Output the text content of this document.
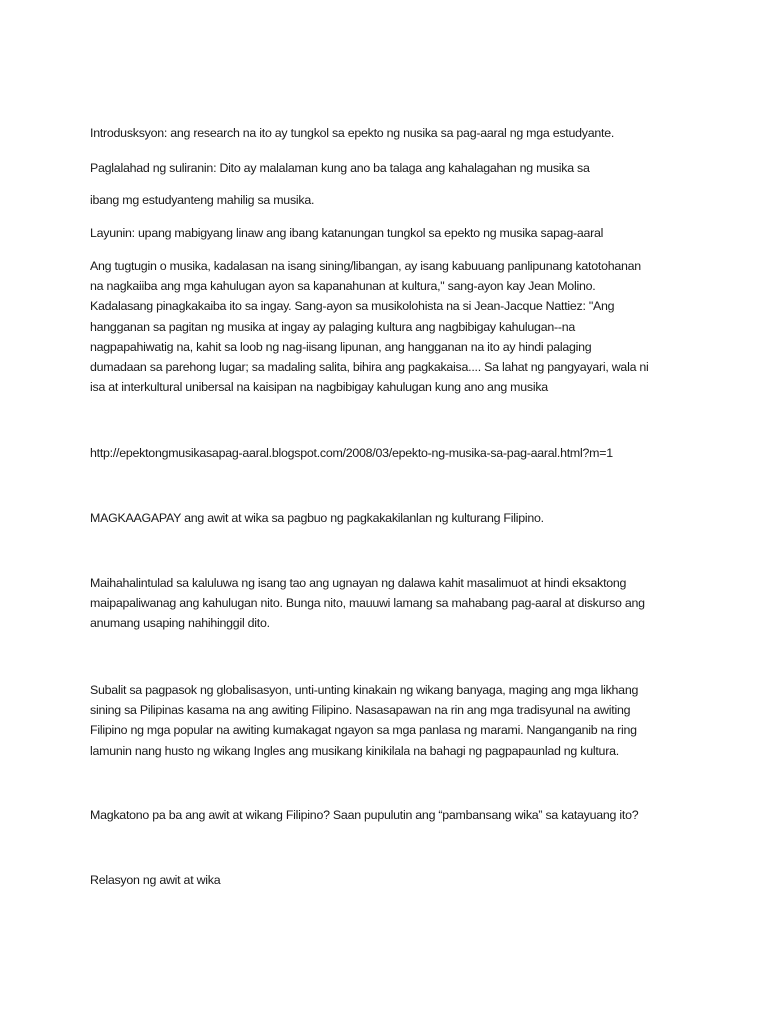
Introdusksyon: ang research na ito ay tungkol sa epekto ng nusika sa pag-aaral ng mga estudyante.

Paglalahad ng suliranin: Dito ay malalaman kung ano ba talaga ang kahalagahan ng musika sa

ibang mg estudyanteng mahilig sa musika.

Layunin: upang mabigyang linaw ang ibang katanungan tungkol sa epekto ng musika sapag-aaral

Ang tugtugin o musika, kadalasan na isang sining/libangan, ay isang kabuuang panlipunang katotohanan
na nagkaiiba ang mga kahulugan ayon sa kapanahunan at kultura," sang-ayon kay Jean Molino.
Kadalasang pinagkakaiba ito sa ingay. Sang-ayon sa musikolohista na si Jean-Jacque Nattiez: "Ang
hangganan sa pagitan ng musika at ingay ay palaging kultura ang nagbibigay kahulugan--na
nagpapahiwatig na, kahit sa loob ng nag-iisang lipunan, ang hangganan na ito ay hindi palaging
dumadaan sa parehong lugar; sa madaling salita, bihira ang pagkakaisa.... Sa lahat ng pangyayari, wala ni
isa at interkultural unibersal na kaisipan na nagbibigay kahulugan kung ano ang musika

http://epektongmusikasapag-aaral.blogspot.com/2008/03/epekto-ng-musika-sa-pag-aaral.html?m=1

MAGKAAGAPAY ang awit at wika sa pagbuo ng pagkakakilanlan ng kulturang Filipino.

Maihahalintulad sa kaluluwa ng isang tao ang ugnayan ng dalawa kahit masalimuot at hindi eksaktong
maipapaliwanag ang kahulugan nito. Bunga nito, mauuwi lamang sa mahabang pag-aaral at diskurso ang
anumang usaping nahihinggil dito.

Subalit sa pagpasok ng globalisasyon, unti-unting kinakain ng wikang banyaga, maging ang mga likhang
sining sa Pilipinas kasama na ang awiting Filipino. Nasasapawan na rin ang mga tradisyunal na awiting
Filipino ng mga popular na awiting kumakagat ngayon sa mga panlasa ng marami. Nanganganib na ring
lamunin nang husto ng wikang Ingles ang musikang kinikilala na bahagi ng pagpapaunlad ng kultura.

Magkatono pa ba ang awit at wikang Filipino? Saan pupulutin ang “pambansang wika” sa katayuang ito?

Relasyon ng awit at wika
